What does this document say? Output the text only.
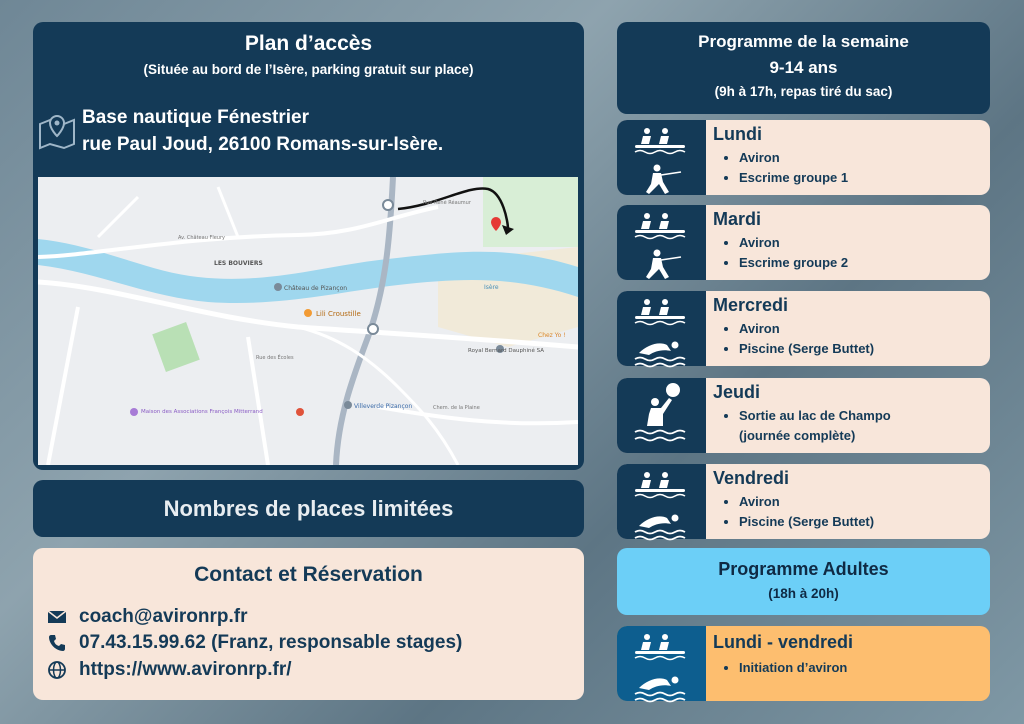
Plan d’accès
(Située au bord de l’Isère, parking gratuit sur place)
Base nautique Fénestrier
rue Paul Joud, 26100 Romans-sur-Isère.
Isère
LES BOUVIERS
Château de Pizançon
Lili Croustille
Royal Bernard Dauphiné SA
Villeverde Pizançon
Maison des Associations François Mitterrand
Chez Yo !
Rue René Réaumur
Av. Château Fleury
Rue des Écoles
Chem. de la Plaine
Nombres de places limitées
Contact et Réservation
coach@avironrp.fr
07.43.15.99.62 (Franz, responsable stages)
https://www.avironrp.fr/
Programme de la semaine
9-14 ans
(9h à 17h, repas tiré du sac)

Lundi
• Aviron
• Escrime groupe 1

Mardi
• Aviron
• Escrime groupe 2

Mercredi
• Aviron
• Piscine (Serge Buttet)
Jeudi
• Sortie au lac de Champo
(journée complète)

Vendredi
• Aviron
• Piscine (Serge Buttet)
Programme Adultes
(18h à 20h)

Lundi - vendredi
• Initiation d’aviron
